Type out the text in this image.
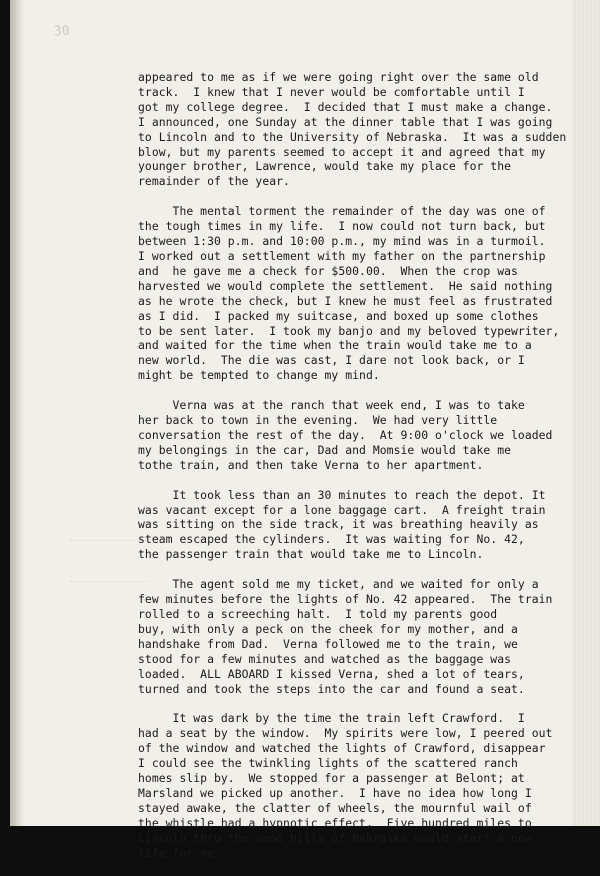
30
appeared to me as if we were going right over the same old
track.  I knew that I never would be comfortable until I
got my college degree.  I decided that I must make a change.
I announced, one Sunday at the dinner table that I was going
to Lincoln and to the University of Nebraska.  It was a sudden
blow, but my parents seemed to accept it and agreed that my
younger brother, Lawrence, would take my place for the
remainder of the year.
The mental torment the remainder of the day was one of
the tough times in my life.  I now could not turn back, but
between 1:30 p.m. and 10:00 p.m., my mind was in a turmoil.
I worked out a settlement with my father on the partnership
and  he gave me a check for $500.00.  When the crop was
harvested we would complete the settlement.  He said nothing
as he wrote the check, but I knew he must feel as frustrated
as I did.  I packed my suitcase, and boxed up some clothes
to be sent later.  I took my banjo and my beloved typewriter,
and waited for the time when the train would take me to a
new world.  The die was cast, I dare not look back, or I
might be tempted to change my mind.
Verna was at the ranch that week end, I was to take
her back to town in the evening.  We had very little
conversation the rest of the day.  At 9:00 o'clock we loaded
my belongings in the car, Dad and Momsie would take me
tothe train, and then take Verna to her apartment.
It took less than an 30 minutes to reach the depot. It
was vacant except for a lone baggage cart.  A freight train
was sitting on the side track, it was breathing heavily as
steam escaped the cylinders.  It was waiting for No. 42,
the passenger train that would take me to Lincoln.
The agent sold me my ticket, and we waited for only a
few minutes before the lights of No. 42 appeared.  The train
rolled to a screeching halt.  I told my parents good
buy, with only a peck on the cheek for my mother, and a
handshake from Dad.  Verna followed me to the train, we
stood for a few minutes and watched as the baggage was
loaded.  ALL ABOARD I kissed Verna, shed a lot of tears,
turned and took the steps into the car and found a seat.
It was dark by the time the train left Crawford.  I
had a seat by the window.  My spirits were low, I peered out
of the window and watched the lights of Crawford, disappear
I could see the twinkling lights of the scattered ranch
homes slip by.  We stopped for a passenger at Belont; at
Marsland we picked up another.  I have no idea how long I
stayed awake, the clatter of wheels, the mournful wail of
the whistle had a hypnotic effect,  Five hundred miles to
Lincoln thru the sand hills of Nebraska would start a new
life for me.
